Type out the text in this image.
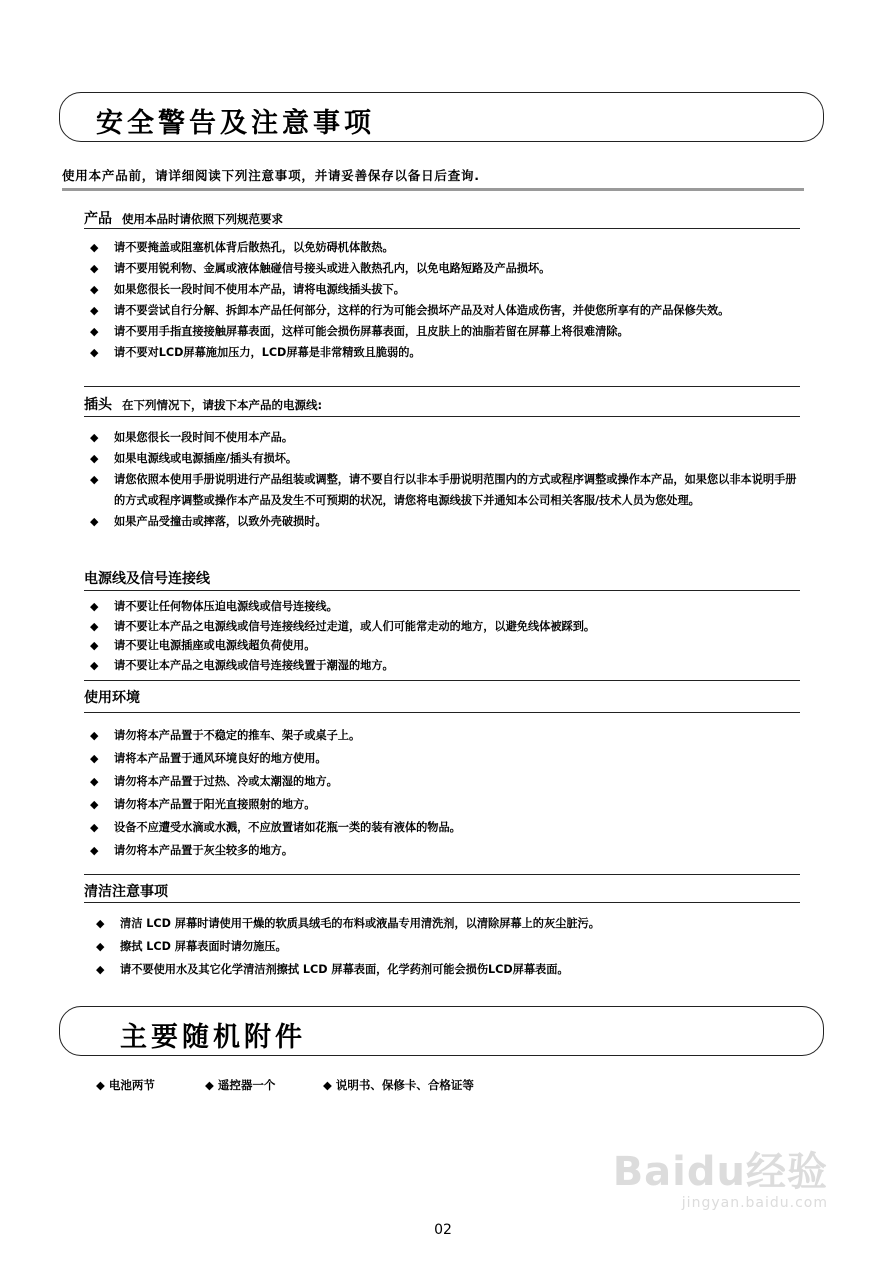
安全警告及注意事项
使用本产品前，请详细阅读下列注意事项，并请妥善保存以备日后查询.
产品 使用本品时请依照下列规范要求
◆ 请不要掩盖或阻塞机体背后散热孔，以免妨碍机体散热。
◆ 请不要用锐利物、金属或液体触碰信号接头或进入散热孔内，以免电路短路及产品损坏。
◆ 如果您很长一段时间不使用本产品，请将电源线插头拔下。
◆ 请不要尝试自行分解、拆卸本产品任何部分，这样的行为可能会损坏产品及对人体造成伤害，并使您所享有的产品保修失效。
◆ 请不要用手指直接接触屏幕表面，这样可能会损伤屏幕表面，且皮肤上的油脂若留在屏幕上将很难清除。
◆ 请不要对LCD屏幕施加压力，LCD屏幕是非常精致且脆弱的。
插头 在下列情况下，请拔下本产品的电源线:
◆ 如果您很长一段时间不使用本产品。
◆ 如果电源线或电源插座/插头有损坏。
◆ 请您依照本使用手册说明进行产品组装或调整，请不要自行以非本手册说明范围内的方式或程序调整或操作本产品，如果您以非本说明手册的方式或程序调整或操作本产品及发生不可预期的状况，请您将电源线拔下并通知本公司相关客服/技术人员为您处理。
◆ 如果产品受撞击或摔落，以致外壳破损时。
电源线及信号连接线
◆ 请不要让任何物体压迫电源线或信号连接线。
◆ 请不要让本产品之电源线或信号连接线经过走道，或人们可能常走动的地方，以避免线体被踩到。
◆ 请不要让电源插座或电源线超负荷使用。
◆ 请不要让本产品之电源线或信号连接线置于潮湿的地方。
使用环境
◆ 请勿将本产品置于不稳定的推车、架子或桌子上。
◆ 请将本产品置于通风环境良好的地方使用。
◆ 请勿将本产品置于过热、冷或太潮湿的地方。
◆ 请勿将本产品置于阳光直接照射的地方。
◆ 设备不应遭受水滴或水溅，不应放置诸如花瓶一类的装有液体的物品。
◆ 请勿将本产品置于灰尘较多的地方。
清洁注意事项
◆ 清洁 LCD 屏幕时请使用干燥的软质具绒毛的布料或液晶专用清洗剂，以清除屏幕上的灰尘脏污。
◆ 擦拭 LCD 屏幕表面时请勿施压。
◆ 请不要使用水及其它化学清洁剂擦拭 LCD 屏幕表面，化学药剂可能会损伤LCD屏幕表面。
主要随机附件
◆ 电池两节	◆ 遥控器一个	◆ 说明书、保修卡、合格证等
Baidu经验
jingyan.baidu.com
02
